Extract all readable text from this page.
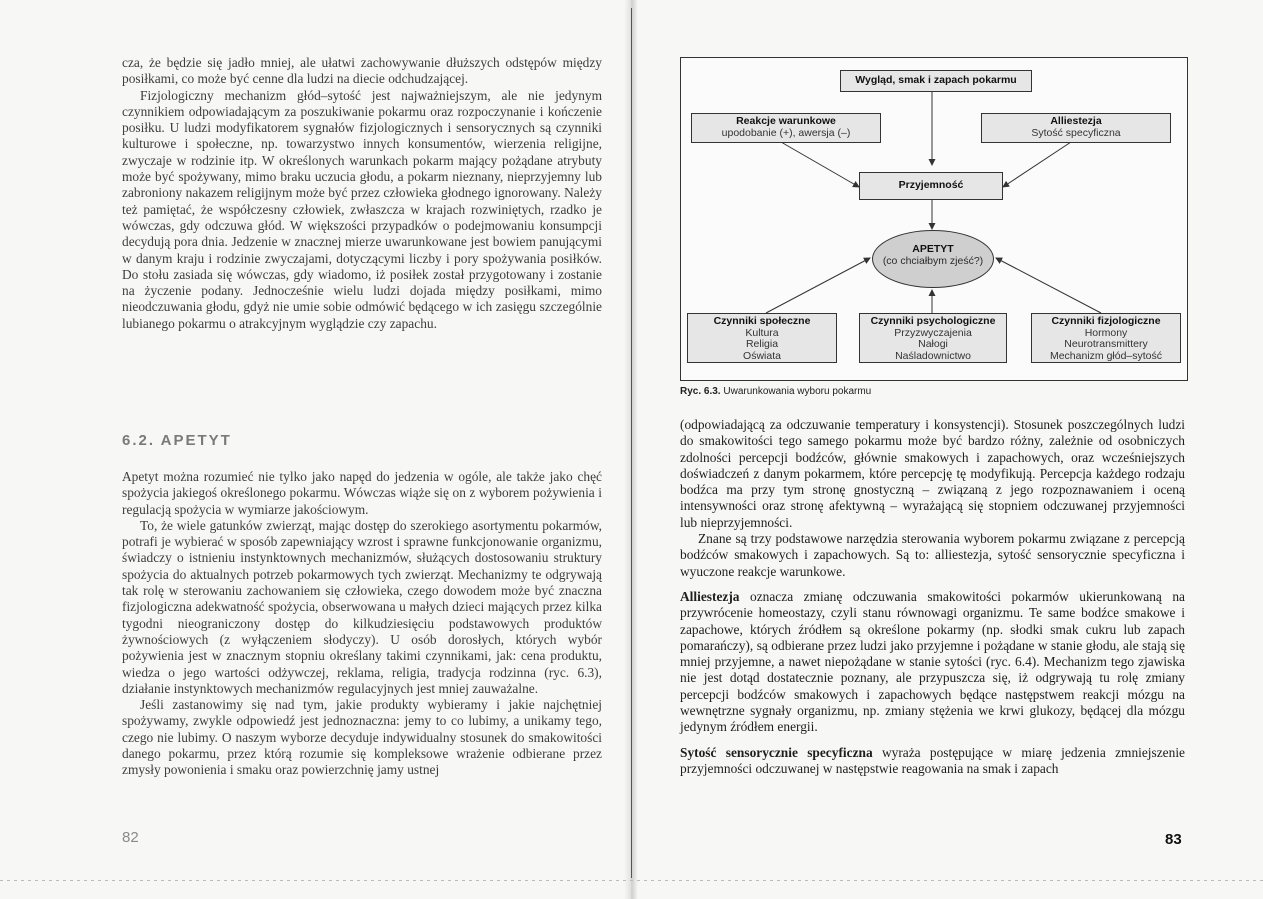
cza, że będzie się jadło mniej, ale ułatwi zachowywanie dłuższych odstępów między posiłkami, co może być cenne dla ludzi na diecie odchudzającej.

Fizjologiczny mechanizm głód–sytość jest najważniejszym, ale nie jedynym czynnikiem odpowiadającym za poszukiwanie pokarmu oraz rozpoczynanie i kończenie posiłku. U ludzi modyfikatorem sygnałów fizjologicznych i sensorycznych są czynniki kulturowe i społeczne, np. towarzystwo innych konsumentów, wierzenia religijne, zwyczaje w rodzinie itp. W określonych warunkach pokarm mający pożądane atrybuty może być spożywany, mimo braku uczucia głodu, a pokarm nieznany, nieprzyjemny lub zabroniony nakazem religijnym może być przez człowieka głodnego ignorowany. Należy też pamiętać, że współczesny człowiek, zwłaszcza w krajach rozwiniętych, rzadko je wówczas, gdy odczuwa głód. W większości przypadków o podejmowaniu konsumpcji decydują pora dnia. Jedzenie w znacznej mierze uwarunkowane jest bowiem panującymi w danym kraju i rodzinie zwyczajami, dotyczącymi liczby i pory spożywania posiłków. Do stołu zasiada się wówczas, gdy wiadomo, iż posiłek został przygotowany i zostanie na życzenie podany. Jednocześnie wielu ludzi dojada między posiłkami, mimo nieodczuwania głodu, gdyż nie umie sobie odmówić będącego w ich zasięgu szczególnie lubianego pokarmu o atrakcyjnym wyglądzie czy zapachu.

6.2. APETYT

Apetyt można rozumieć nie tylko jako napęd do jedzenia w ogóle, ale także jako chęć spożycia jakiegoś określonego pokarmu. Wówczas wiąże się on z wyborem pożywienia i regulacją spożycia w wymiarze jakościowym.

To, że wiele gatunków zwierząt, mając dostęp do szerokiego asortymentu pokarmów, potrafi je wybierać w sposób zapewniający wzrost i sprawne funkcjonowanie organizmu, świadczy o istnieniu instynktownych mechanizmów, służących dostosowaniu struktury spożycia do aktualnych potrzeb pokarmowych tych zwierząt. Mechanizmy te odgrywają tak rolę w sterowaniu zachowaniem się człowieka, czego dowodem może być znaczna fizjologiczna adekwatność spożycia, obserwowana u małych dzieci mających przez kilka tygodni nieograniczony dostęp do kilkudziesięciu podstawowych produktów żywnościowych (z wyłączeniem słodyczy). U osób dorosłych, których wybór pożywienia jest w znacznym stopniu określany takimi czynnikami, jak: cena produktu, wiedza o jego wartości odżywczej, reklama, religia, tradycja rodzinna (ryc. 6.3), działanie instynktowych mechanizmów regulacyjnych jest mniej zauważalne.

Jeśli zastanowimy się nad tym, jakie produkty wybieramy i jakie najchętniej spożywamy, zwykle odpowiedź jest jednoznaczna: jemy to co lubimy, a unikamy tego, czego nie lubimy. O naszym wyborze decyduje indywidualny stosunek do smakowitości danego pokarmu, przez którą rozumie się kompleksowe wrażenie odbierane przez zmysły powonienia i smaku oraz powierzchnię jamy ustnej

82
Wygląd, smak i zapach pokarmu
Reakcje warunkowe
upodobanie (+), awersja (–)
Alliestezja
Sytość specyficzna
Przyjemność
APETYT
(co chciałbym zjeść?)
Czynniki społeczne
Kultura
Religia
Oświata
Czynniki psychologiczne
Przyzwyczajenia
Nałogi
Naśladownictwo
Czynniki fizjologiczne
Hormony
Neurotransmittery
Mechanizm głód–sytość
Ryc. 6.3. Uwarunkowania wyboru pokarmu

(odpowiadającą za odczuwanie temperatury i konsystencji). Stosunek poszczególnych ludzi do smakowitości tego samego pokarmu może być bardzo różny, zależnie od osobniczych zdolności percepcji bodźców, głównie smakowych i zapachowych, oraz wcześniejszych doświadczeń z danym pokarmem, które percepcję tę modyfikują. Percepcja każdego rodzaju bodźca ma przy tym stronę gnostyczną – związaną z jego rozpoznawaniem i oceną intensywności oraz stronę afektywną – wyrażającą się stopniem odczuwanej przyjemności lub nieprzyjemności.

Znane są trzy podstawowe narzędzia sterowania wyborem pokarmu związane z percepcją bodźców smakowych i zapachowych. Są to: alliestezja, sytość sensorycznie specyficzna i wyuczone reakcje warunkowe.

Alliestezja oznacza zmianę odczuwania smakowitości pokarmów ukierunkowaną na przywrócenie homeostazy, czyli stanu równowagi organizmu. Te same bodźce smakowe i zapachowe, których źródłem są określone pokarmy (np. słodki smak cukru lub zapach pomarańczy), są odbierane przez ludzi jako przyjemne i pożądane w stanie głodu, ale stają się mniej przyjemne, a nawet niepożądane w stanie sytości (ryc. 6.4). Mechanizm tego zjawiska nie jest dotąd dostatecznie poznany, ale przypuszcza się, iż odgrywają tu rolę zmiany percepcji bodźców smakowych i zapachowych będące następstwem reakcji mózgu na wewnętrzne sygnały organizmu, np. zmiany stężenia we krwi glukozy, będącej dla mózgu jedynym źródłem energii.

Sytość sensorycznie specyficzna wyraża postępujące w miarę jedzenia zmniejszenie przyjemności odczuwanej w następstwie reagowania na smak i zapach

83
